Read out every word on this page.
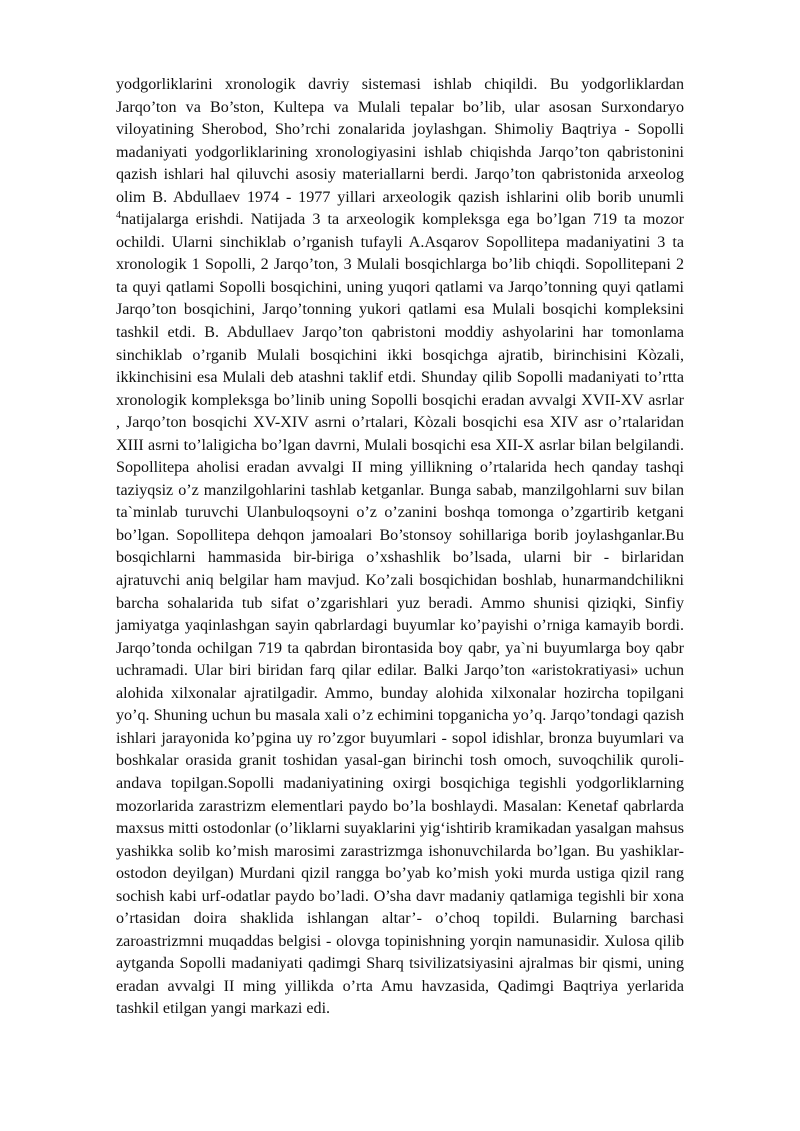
yodgorliklarini xronologik davriy sistemasi ishlab chiqildi. Bu yodgorliklardan Jarqo’ton va Bo’ston, Kultepa va Mulali tepalar bo’lib, ular asosan Surxondaryo viloyatining Sherobod, Sho’rchi zonalarida joylashgan. Shimoliy Baqtriya - Sopolli madaniyati yodgorliklarining xronologiyasini ishlab chiqishda Jarqo’ton qabristonini qazish ishlari hal qiluvchi asosiy materiallarni berdi. Jarqo’ton qabristonida arxeolog olim B. Abdullaev 1974 - 1977 yillari arxeologik qazish ishlarini olib borib unumli $^4$natijalarga erishdi. Natijada 3 ta arxeologik kompleksga ega bo’lgan 719 ta mozor ochildi. Ularni sinchiklab o’rganish tufayli A.Asqarov Sopollitepa madaniyatini 3 ta xronologik 1 Sopolli, 2 Jarqo’ton, 3 Mulali bosqichlarga bo’lib chiqdi. Sopollitepani 2 ta quyi qatlami Sopolli bosqichini, uning yuqori qatlami va Jarqo’tonning quyi qatlami Jarqo’ton bosqichini, Jarqo’tonning yukori qatlami esa Mulali bosqichi kompleksini tashkil etdi. B. Abdullaev Jarqo’ton qabristoni moddiy ashyolarini har tomonlama sinchiklab o’rganib Mulali bosqichini ikki bosqichga ajratib, birinchisini Kòzali, ikkinchisini esa Mulali deb atashni taklif etdi. Shunday qilib Sopolli madaniyati to’rtta xronologik kompleksga bo’linib uning Sopolli bosqichi eradan avvalgi XVII-XV asrlar , Jarqo’ton bosqichi XV-XIV asrni o’rtalari, Kòzali bosqichi esa XIV asr o’rtalaridan XIII asrni to’laligicha bo’lgan davrni, Mulali bosqichi esa XII-X asrlar bilan belgilandi. Sopollitepa aholisi eradan avvalgi II ming yillikning o’rtalarida hech qanday tashqi taziyqsiz o’z manzilgohlarini tashlab ketganlar. Bunga sabab, manzilgohlarni suv bilan ta`minlab turuvchi Ulanbuloqsoyni o’z o’zanini boshqa tomonga o’zgartirib ketgani bo’lgan. Sopollitepa dehqon jamoalari Bo’stonsoy sohillariga borib joylashganlar.Bu bosqichlarni hammasida bir-biriga o’xshashlik bo’lsada, ularni bir - birlaridan ajratuvchi aniq belgilar ham mavjud. Ko’zali bosqichidan boshlab, hunarmandchilikni barcha sohalarida tub sifat o’zgarishlari yuz beradi. Ammo shunisi qiziqki, Sinfiy jamiyatga yaqinlashgan sayin qabrlardagi buyumlar ko’payishi o’rniga kamayib bordi. Jarqo’tonda ochilgan 719 ta qabrdan birontasida boy qabr, ya`ni buyumlarga boy qabr uchramadi. Ular biri biridan farq qilar edilar. Balki Jarqo’ton «aristokratiyasi» uchun alohida xilxonalar ajratilgadir. Ammo, bunday alohida xilxonalar hozircha topilgani yo’q. Shuning uchun bu masala xali o’z echimini topganicha yo’q. Jarqo’tondagi qazish ishlari jarayonida ko’pgina uy ro’zgor buyumlari - sopol idishlar, bronza buyumlari va boshkalar orasida granit toshidan yasal-gan birinchi tosh omoch, suvoqchilik quroli-andava topilgan.Sopolli madaniyatining oxirgi bosqichiga tegishli yodgorliklarning mozorlarida zarastrizm elementlari paydo bo’la boshlaydi. Masalan: Kenetaf qabrlarda maxsus mitti ostodonlar (o’liklarni suyaklarini yig‘ishtirib kramikadan yasalgan mahsus yashikka solib ko’mish marosimi zarastrizmga ishonuvchilarda bo’lgan. Bu yashiklar-ostodon deyilgan) Murdani qizil rangga bo’yab ko’mish yoki murda ustiga qizil rang sochish kabi urf-odatlar paydo bo’ladi. O’sha davr madaniy qatlamiga tegishli bir xona o’rtasidan doira shaklida ishlangan altar’- o’choq topildi. Bularning barchasi zaroastrizmni muqaddas belgisi - olovga topinishning yorqin namunasidir. Xulosa qilib aytganda Sopolli madaniyati qadimgi Sharq tsivilizatsiyasini ajralmas bir qismi, uning eradan avvalgi II ming yillikda o’rta Amu havzasida, Qadimgi Baqtriya yerlarida tashkil etilgan yangi markazi edi.
